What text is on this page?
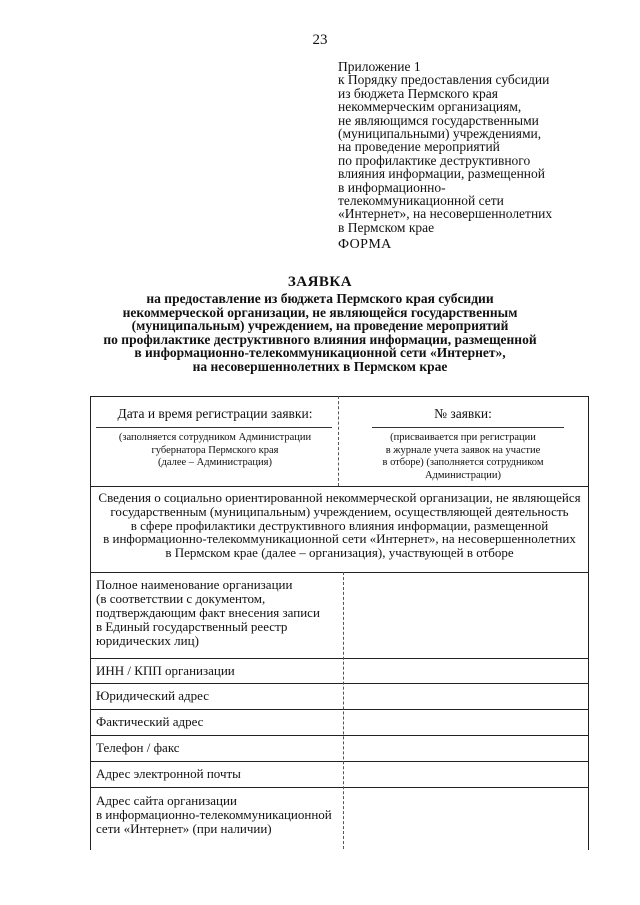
23
Приложение 1
к Порядку предоставления субсидии
из бюджета Пермского края
некоммерческим организациям,
не являющимся государственными
(муниципальными) учреждениями,
на проведение мероприятий
по профилактике деструктивного
влияния информации, размещенной
в информационно-
телекоммуникационной сети
«Интернет», на несовершеннолетних
в Пермском крае
ФОРМА
ЗАЯВКА
на предоставление из бюджета Пермского края субсидии
некоммерческой организации, не являющейся государственным
(муниципальным) учреждением, на проведение мероприятий
по профилактике деструктивного влияния информации, размещенной
в информационно-телекоммуникационной сети «Интернет»,
на несовершеннолетних в Пермском крае
Дата и время регистрации заявки:
(заполняется сотрудником Администрации
губернатора Пермского края
(далее – Администрация)
№ заявки:
(присваивается при регистрации
в журнале учета заявок на участие
в отборе) (заполняется сотрудником
Администрации)
Сведения о социально ориентированной некоммерческой организации, не являющейся
государственным (муниципальным) учреждением, осуществляющей деятельность
в сфере профилактики деструктивного влияния информации, размещенной
в информационно-телекоммуникационной сети «Интернет», на несовершеннолетних
в Пермском крае (далее – организация), участвующей в отборе
Полное наименование организации
(в соответствии с документом,
подтверждающим факт внесения записи
в Единый государственный реестр
юридических лиц)
ИНН / КПП организации
Юридический адрес
Фактический адрес
Телефон / факс
Адрес электронной почты
Адрес сайта организации
в информационно-телекоммуникационной
сети «Интернет» (при наличии)
